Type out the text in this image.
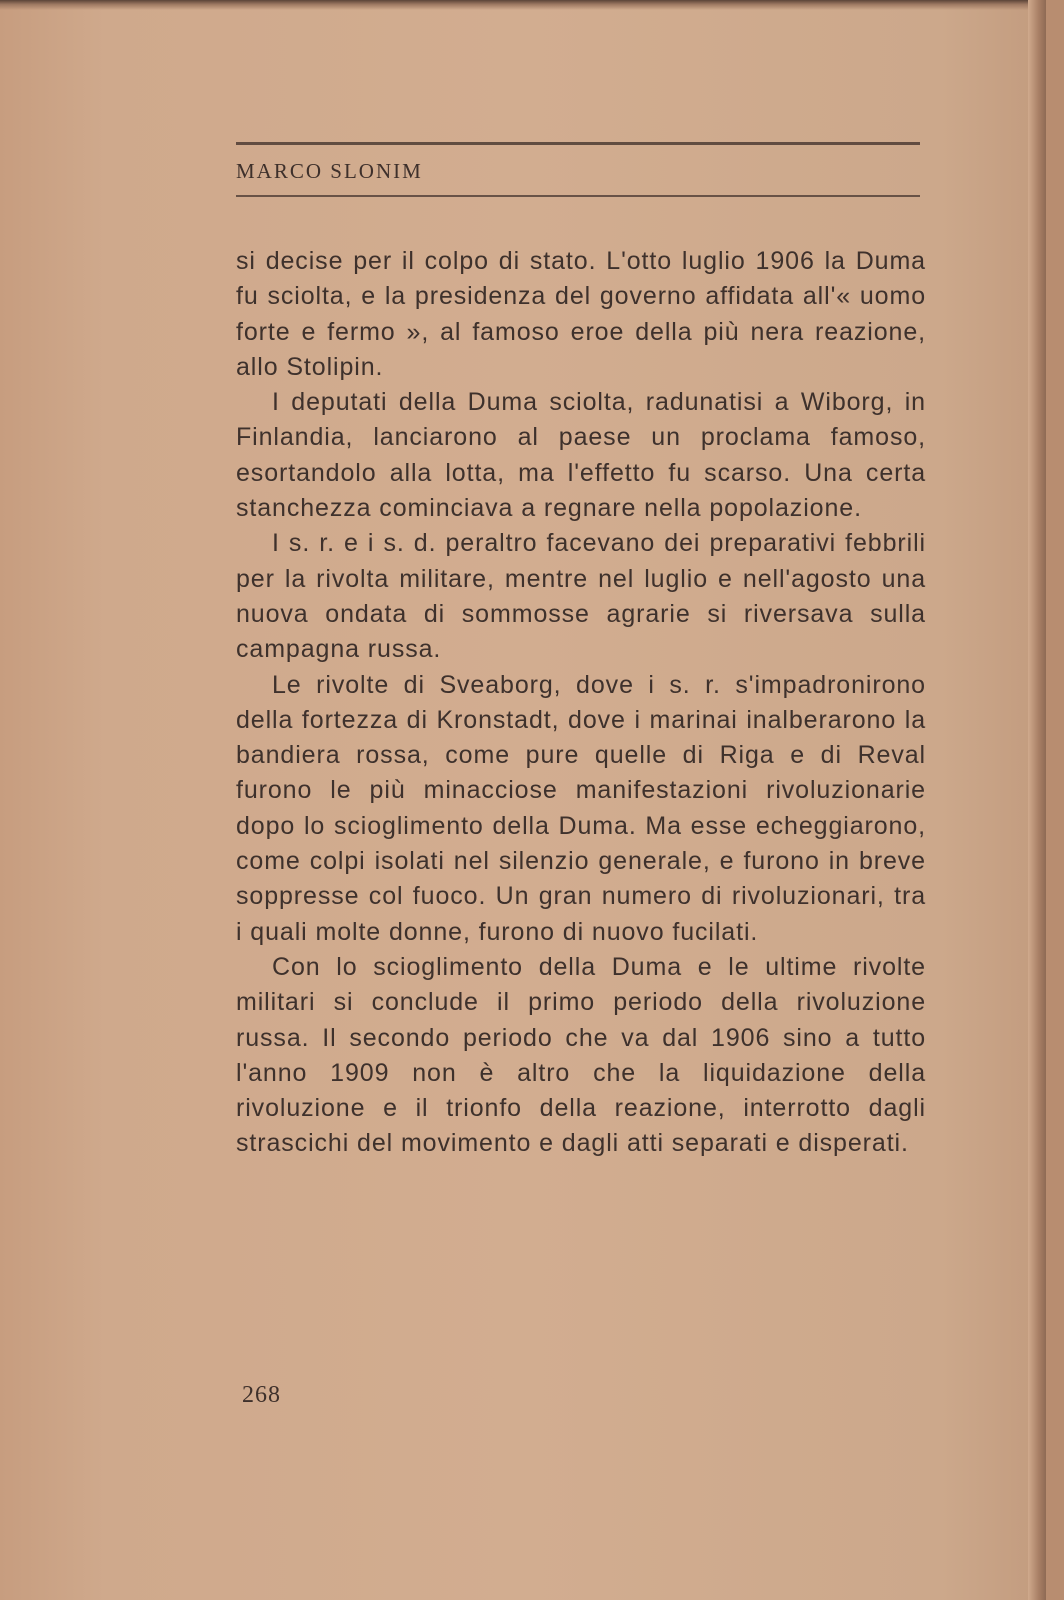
MARCO SLONIM

si decise per il colpo di stato. L'otto luglio 1906 la Duma fu sciolta, e la presidenza del governo affidata all'« uomo forte e fermo », al famoso eroe della più nera reazione, allo Stolipin.

I deputati della Duma sciolta, radunatisi a Wiborg, in Finlandia, lanciarono al paese un proclama famoso, esortandolo alla lotta, ma l'effetto fu scarso. Una certa stanchezza cominciava a regnare nella popolazione.

I s. r. e i s. d. peraltro facevano dei preparativi febbrili per la rivolta militare, mentre nel luglio e nell'agosto una nuova ondata di sommosse agrarie si riversava sulla campagna russa.

Le rivolte di Sveaborg, dove i s. r. s'impadronirono della fortezza di Kronstadt, dove i marinai inalberarono la bandiera rossa, come pure quelle di Riga e di Reval furono le più minacciose manifestazioni rivoluzionarie dopo lo scioglimento della Duma. Ma esse echeggiarono, come colpi isolati nel silenzio generale, e furono in breve soppresse col fuoco. Un gran numero di rivoluzionari, tra i quali molte donne, furono di nuovo fucilati.

Con lo scioglimento della Duma e le ultime rivolte militari si conclude il primo periodo della rivoluzione russa. Il secondo periodo che va dal 1906 sino a tutto l'anno 1909 non è altro che la liquidazione della rivoluzione e il trionfo della reazione, interrotto dagli strascichi del movimento e dagli atti separati e disperati.

268
